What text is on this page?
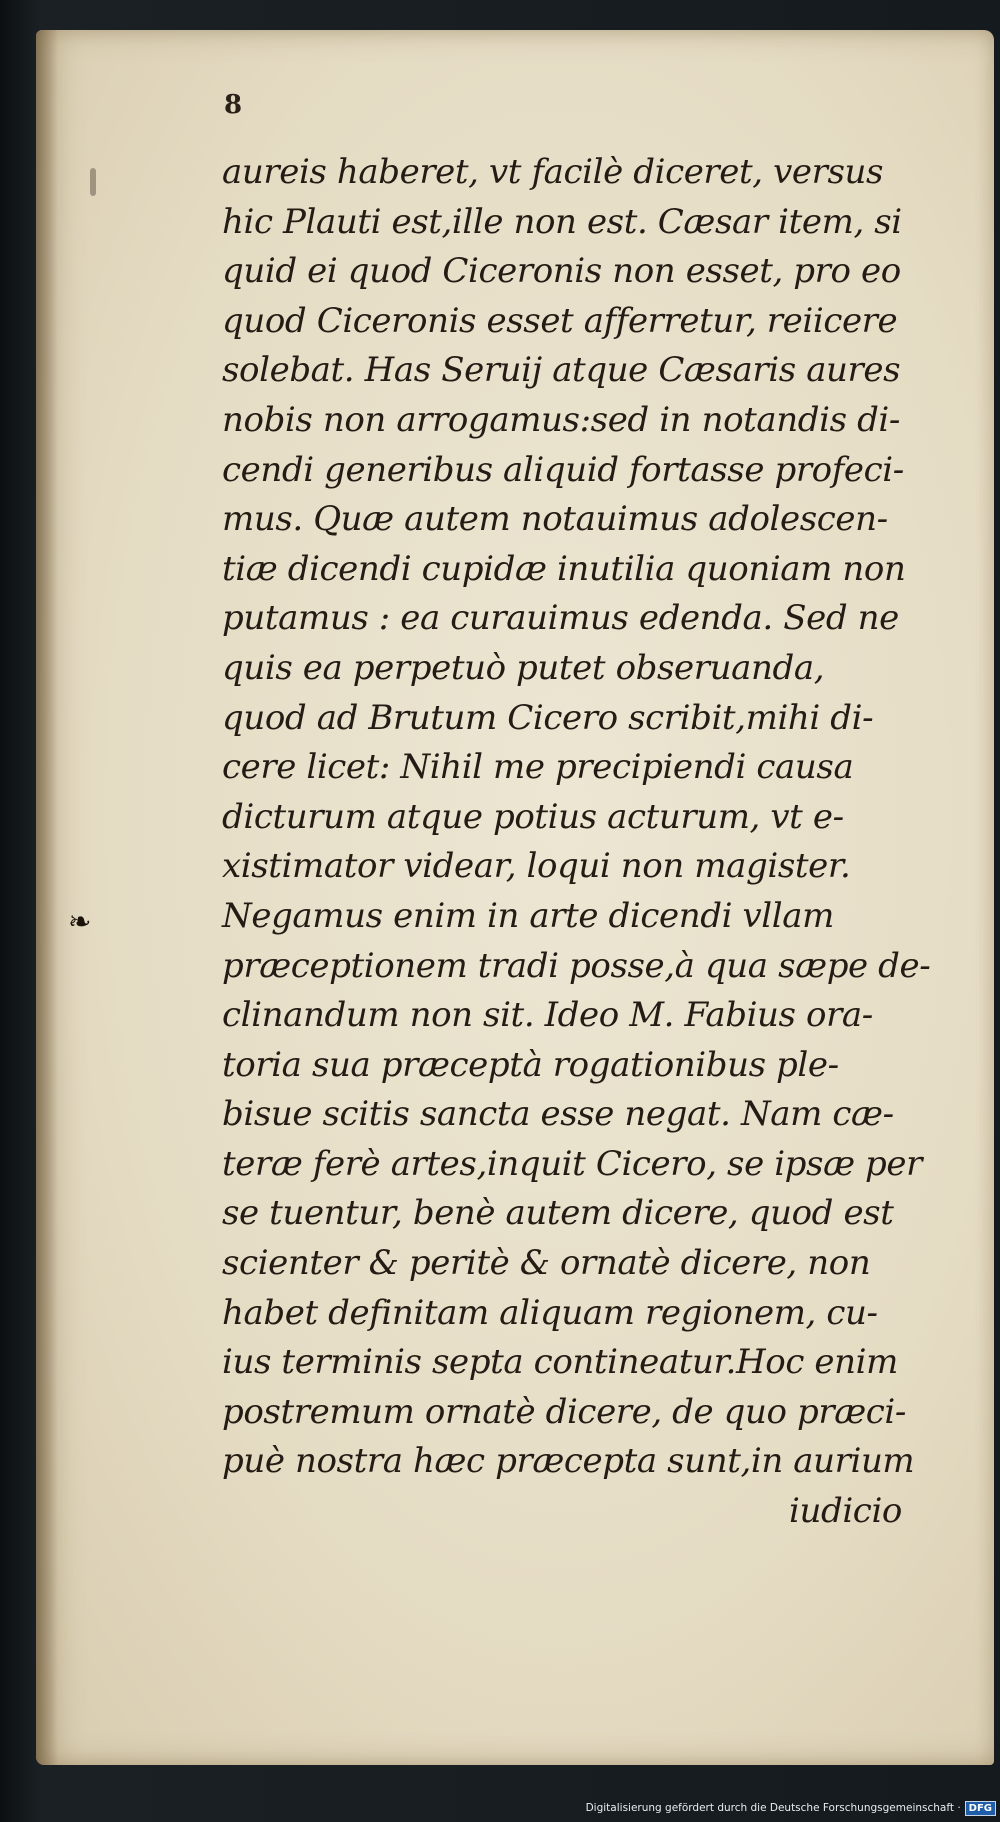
❧
8
aureis haberet, vt facilè diceret, versus
hic Plauti est,ille non est. Cæsar item, si
quid ei quod Ciceronis non esset, pro eo
quod Ciceronis esset afferretur, reiicere
solebat. Has Seruij atque Cæsaris aures
nobis non arrogamus:sed in notandis di-
cendi generibus aliquid fortasse profeci-
mus. Quæ autem notauimus adolescen-
tiæ dicendi cupidæ inutilia quoniam non
putamus : ea curauimus edenda. Sed ne
quis ea perpetuò putet obseruanda,
quod ad Brutum Cicero scribit,mihi di-
cere licet: Nihil me precipiendi causa
dicturum atque potius acturum, vt e-
xistimator videar, loqui non magister.
Negamus enim in arte dicendi vllam
præceptionem tradi posse,à qua sæpe de-
clinandum non sit. Ideo M. Fabius ora-
toria sua præceptà rogationibus ple-
bisue scitis sancta esse negat. Nam cæ-
teræ ferè artes,inquit Cicero, se ipsæ per
se tuentur, benè autem dicere, quod est
scienter & peritè & ornatè dicere, non
habet definitam aliquam regionem, cu-
ius terminis septa contineatur.Hoc enim
postremum ornatè dicere, de quo præci-
puè nostra hæc præcepta sunt,in aurium
iudicio
Digitalisierung gefördert durch die Deutsche Forschungsgemeinschaft · DFG
